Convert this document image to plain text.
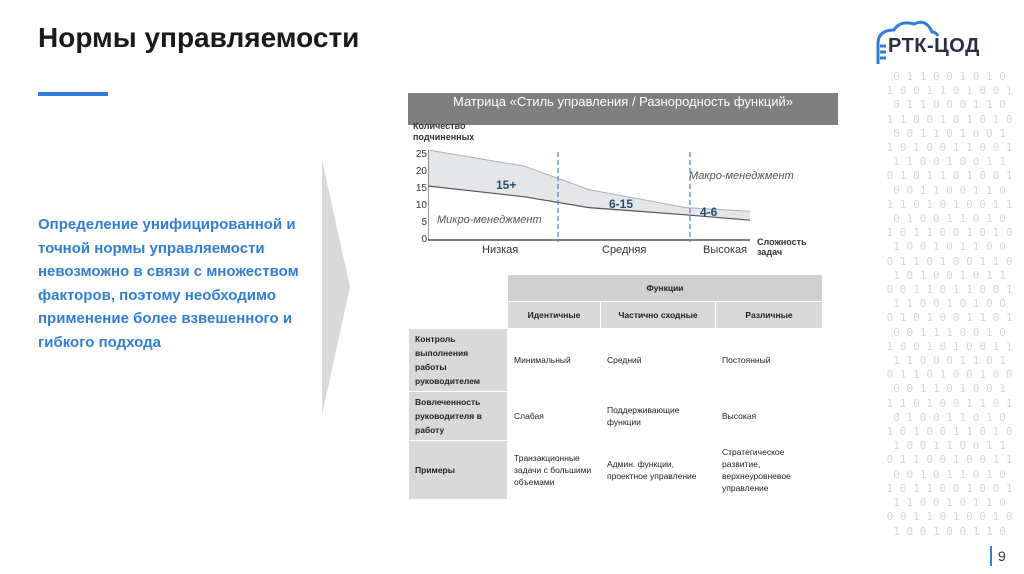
Нормы управляемости	РТК-ЦОД
0 1 1 0 0 1 0 1 0
1 0 0 1 1 0 1 0 0 1
0 1 1 0 0 0 1 1 0
1 1 0 0 1 0 1 0 1 0
0 0 1 1 0 1 0 0 1
1 0 1 0 0 1 1 0 0 1
1 1 0 0 1 0 0 1 1
0 1 0 1 1 0 1 0 0 1
0 0 1 1 0 0 1 1 0
1 1 0 1 0 1 0 0 1 1
0 1 0 0 1 1 0 1 0
1 0 1 1 0 0 1 0 1 0
1 0 0 1 0 1 1 0 0
0 1 1 0 1 0 0 1 1 0
1 0 1 0 0 1 0 1 1
0 0 1 1 0 1 1 0 0 1
1 1 0 0 1 0 1 0 0
0 1 0 1 0 0 1 1 0 1
0 0 1 1 1 0 0 1 0
1 0 0 1 0 1 0 0 1 1
1 1 0 0 0 1 1 0 1
0 1 1 0 1 0 0 1 0 0
0 0 1 1 0 1 0 0 1
1 1 0 1 0 0 1 1 0 1
0 1 0 0 1 1 0 1 0
1 0 1 0 0 1 1 0 1 0
1 0 0 1 1 0 0 1 1
0 1 1 0 0 1 0 0 1 1
0 0 1 0 1 1 0 1 0
1 0 1 1 0 0 1 0 0 1
1 1 0 0 1 0 1 1 0
0 0 1 1 0 1 0 0 1 0
1 0 0 1 0 0 1 1 0
Определение унифицированной и точной нормы управляемости невозможно в связи с множеством факторов, поэтому необходимо применение более взвешенного и гибкого подхода
Матрица «Стиль управления / Разнородность функций»
Количество подчиненных
25
20
15
10
5
0
15+
6-15
4-6
Макро-менеджмент
Микро-менеджмент
Низкая	Средняя	Высокая
Сложность задач
	Функции		
	Идентичные	Частично сходные	Различные
Контроль выполнения работы руководителем	Минимальный	Средний	Постоянный
Вовлеченность руководителя в работу	Слабая	Поддерживающие функции	Высокая
Примеры	Транзакционные задачи с большими объемами	Админ. функции, проектное управление	Стратегическое развитие, верхнеуровневое управление
9
